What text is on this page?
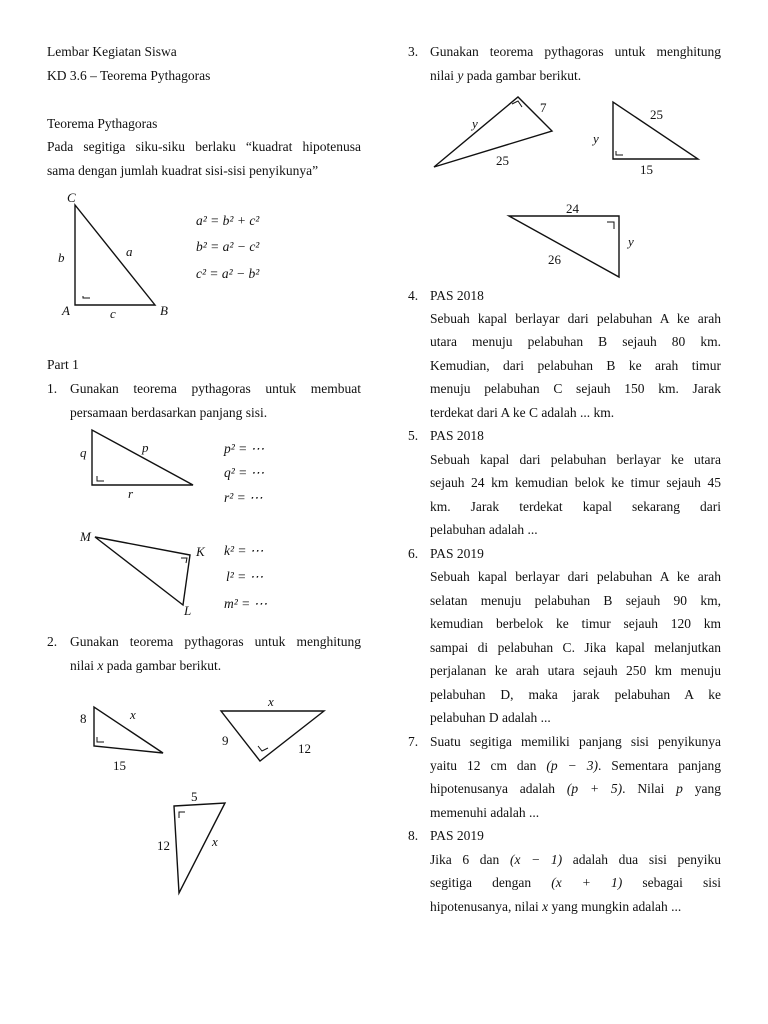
Lembar Kegiatan Siswa
KD 3.6 – Teorema Pythagoras
Teorema Pythagoras
Pada segitiga siku-siku berlaku “kuadrat hipotenusa
sama dengan jumlah kuadrat sisi-sisi penyikunya”
C
b	a
A	c	B
a² = b² + c²
b² = a² − c²
c² = a² − b²
Part 1
1. Gunakan teorema pythagoras untuk membuat
persamaan berdasarkan panjang sisi.
q	p
r
M
K
L
p² = ⋯
q² = ⋯
r² = ⋯
k² = ⋯
l² = ⋯
m² = ⋯
2. Gunakan teorema pythagoras untuk menghitung
nilai x pada gambar berikut.
8	x
15
x
9
12
5
12	x
3. Gunakan teorema pythagoras untuk menghitung
nilai y pada gambar berikut.
y
7
25
25
y
15
24
y
26
4. PAS 2018
Sebuah kapal berlayar dari pelabuhan A ke arah
utara menuju pelabuhan B sejauh 80 km.
Kemudian, dari pelabuhan B ke arah timur
menuju pelabuhan C sejauh 150 km. Jarak
terdekat dari A ke C adalah ... km.
5. PAS 2018
Sebuah kapal dari pelabuhan berlayar ke utara
sejauh 24 km kemudian belok ke timur sejauh 45
km. Jarak terdekat kapal sekarang dari
pelabuhan adalah ...
6. PAS 2019
Sebuah kapal berlayar dari pelabuhan A ke arah
selatan menuju pelabuhan B sejauh 90 km,
kemudian berbelok ke timur sejauh 120 km
sampai di pelabuhan C. Jika kapal melanjutkan
perjalanan ke arah utara sejauh 250 km menuju
pelabuhan D, maka jarak pelabuhan A ke
pelabuhan D adalah ...
7. Suatu segitiga memiliki panjang sisi penyikunya
yaitu 12 cm dan (p − 3). Sementara panjang
hipotenusanya adalah (p + 5). Nilai p yang
memenuhi adalah ...
8. PAS 2019
Jika 6 dan (x − 1) adalah dua sisi penyiku
segitiga dengan (x + 1) sebagai sisi
hipotenusanya, nilai x yang mungkin adalah ...
